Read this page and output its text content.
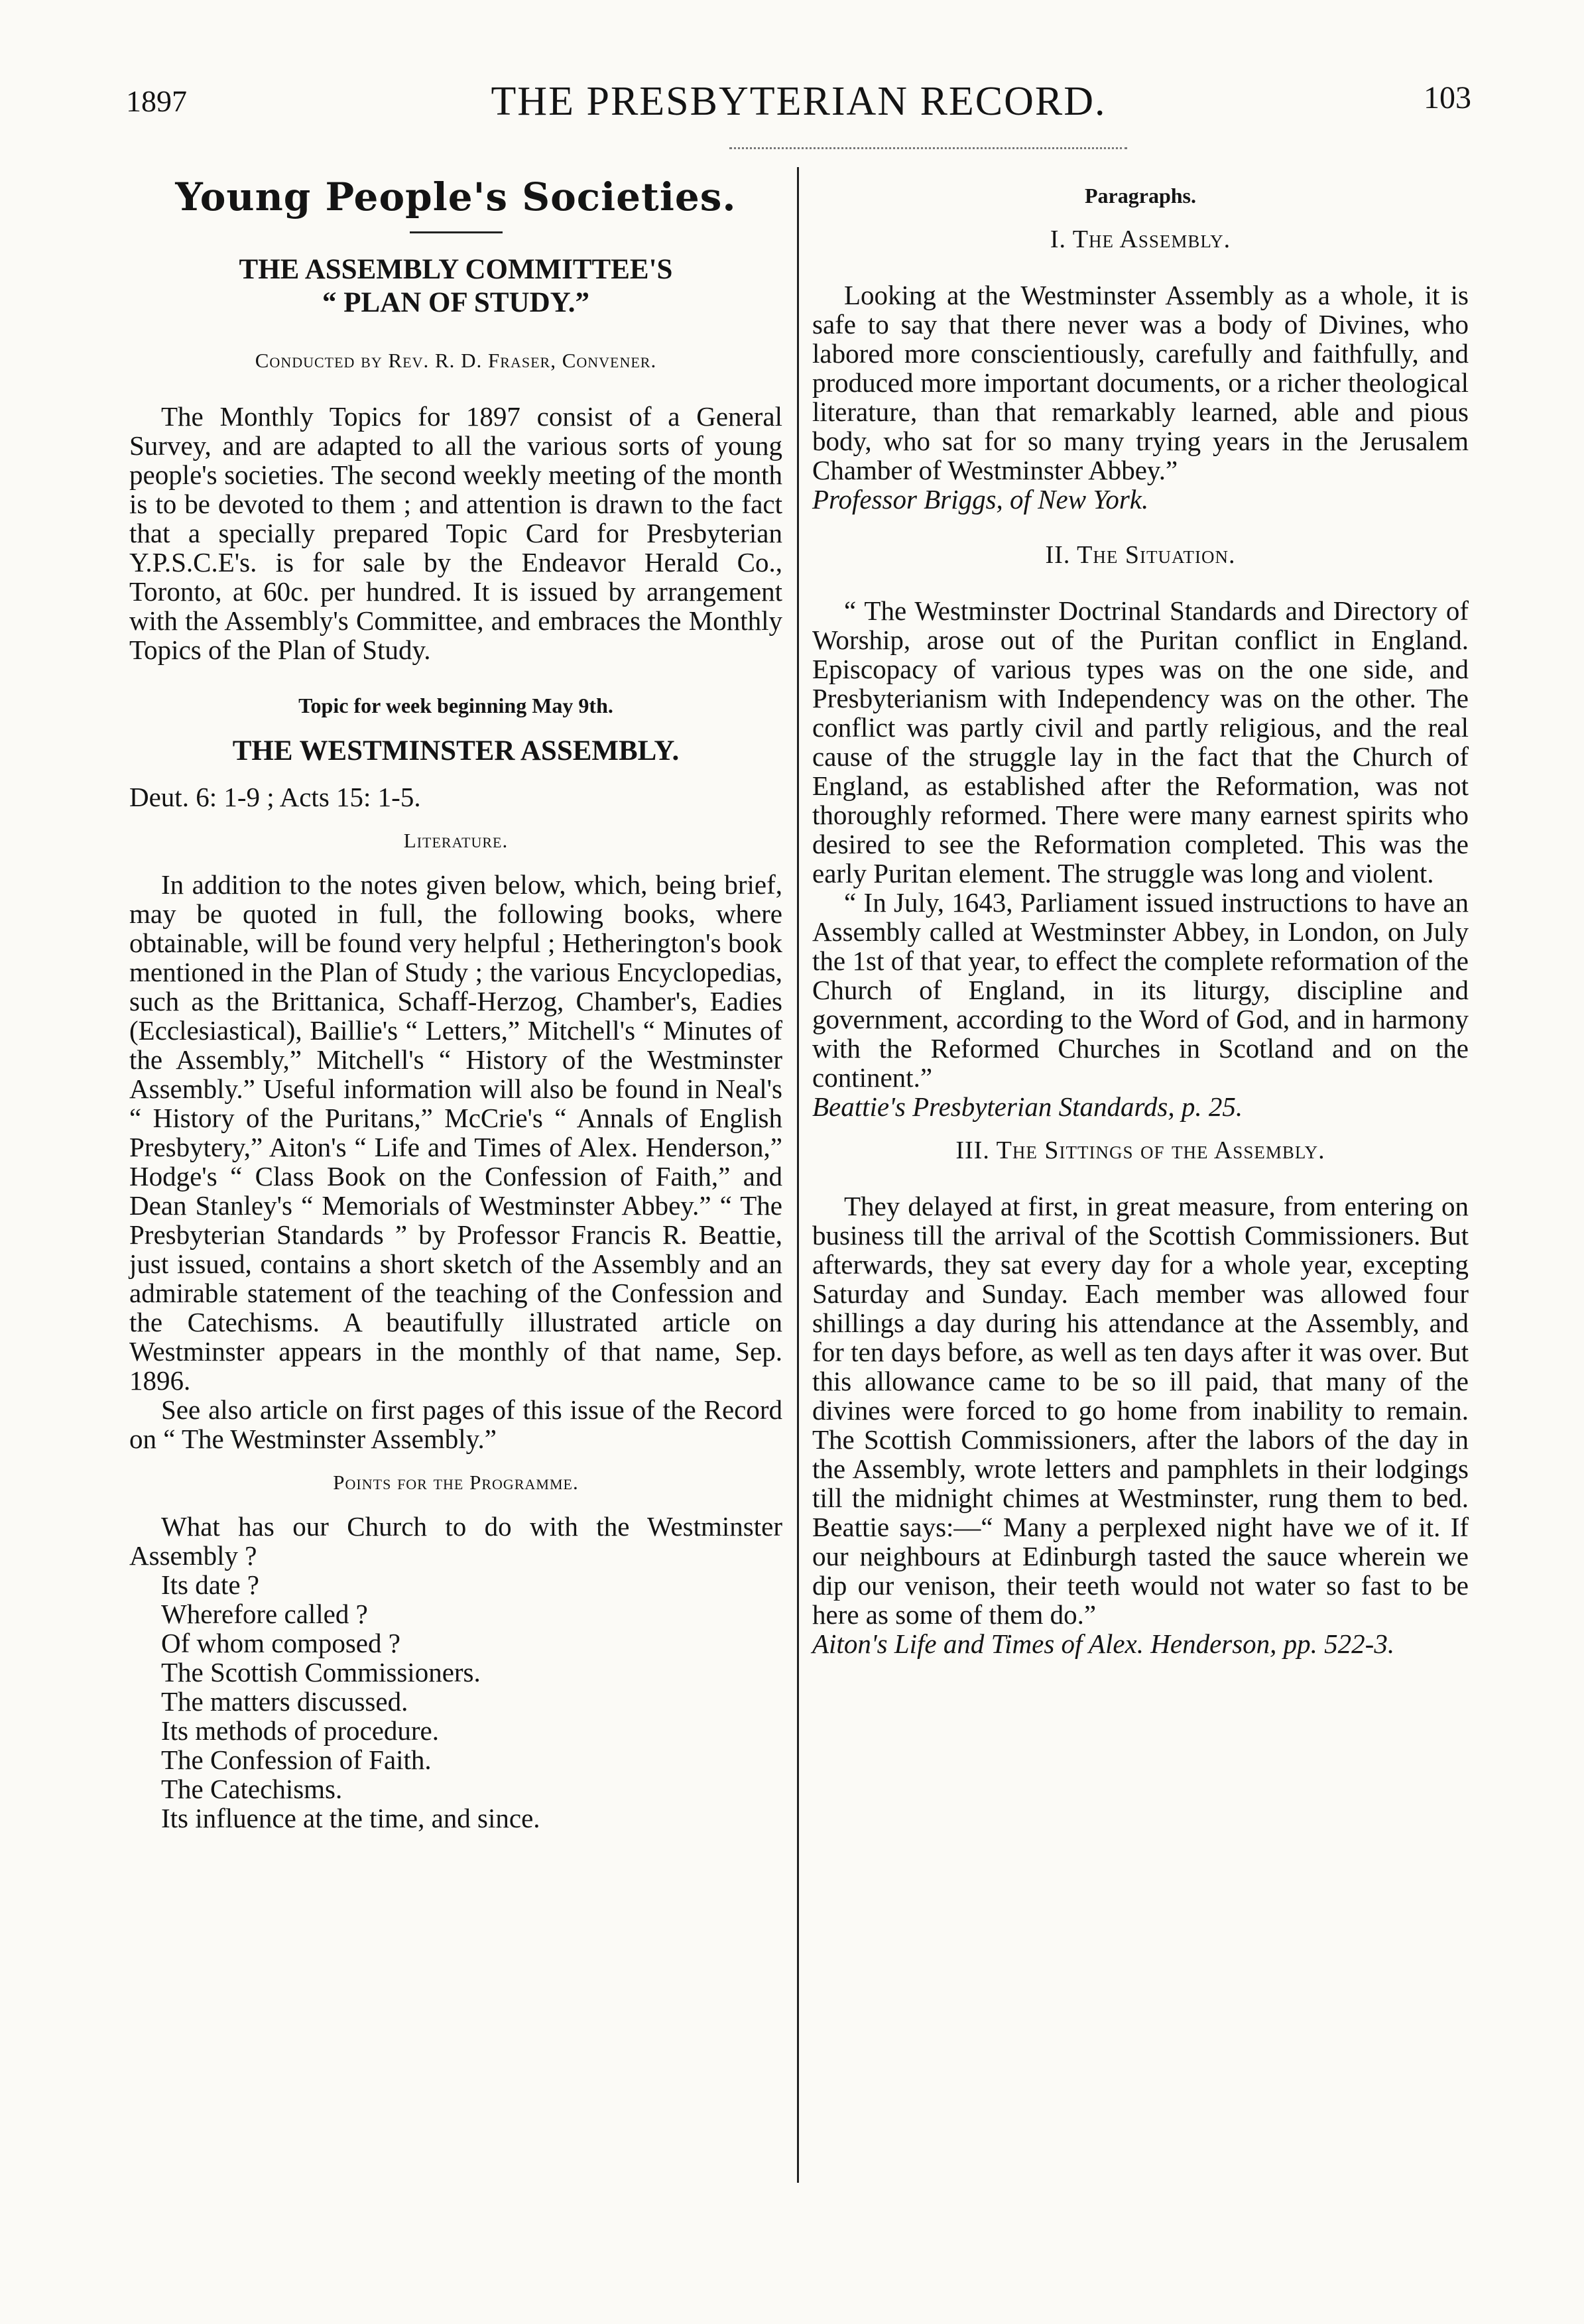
1897	THE PRESBYTERIAN RECORD.	103
Young People's Societies.
THE ASSEMBLY COMMITTEE'S
“ PLAN OF STUDY.”
Conducted by Rev. R. D. Fraser, Convener.

The Monthly Topics for 1897 consist of a General Survey, and are adapted to all the various sorts of young people's societies. The second weekly meeting of the month is to be devoted to them ; and attention is drawn to the fact that a specially prepared Topic Card for Presbyterian Y.P.S.C.E's. is for sale by the Endeavor Herald Co., Toronto, at 60c. per hundred. It is issued by arrangement with the Assembly's Committee, and embraces the Monthly Topics of the Plan of Study.

Topic for week beginning May 9th.
THE WESTMINSTER ASSEMBLY.

Deut. 6: 1-9 ; Acts 15: 1-5.

Literature.

In addition to the notes given below, which, being brief, may be quoted in full, the following books, where obtainable, will be found very helpful ; Hetherington's book mentioned in the Plan of Study ; the various Encyclopedias, such as the Brittanica, Schaff-Herzog, Chamber's, Eadies (Ecclesiastical), Baillie's “ Letters,” Mitchell's “ Minutes of the Assembly,” Mitchell's “ History of the Westminster Assembly.” Useful information will also be found in Neal's “ History of the Puritans,” McCrie's “ Annals of English Presbytery,” Aiton's “ Life and Times of Alex. Henderson,” Hodge's “ Class Book on the Confession of Faith,” and Dean Stanley's “ Memorials of Westminster Abbey.” “ The Presbyterian Standards ” by Professor Francis R. Beattie, just issued, contains a short sketch of the Assembly and an admirable statement of the teaching of the Confession and the Catechisms. A beautifully illustrated article on Westminster appears in the monthly of that name, Sep. 1896.

See also article on first pages of this issue of the Record on “ The Westminster Assembly.”

Points for the Programme.

What has our Church to do with the Westminster Assembly ?

Its date ?
Wherefore called ?
Of whom composed ?
The Scottish Commissioners.
The matters discussed.
Its methods of procedure.
The Confession of Faith.
The Catechisms.
Its influence at the time, and since.
Paragraphs.
I. The Assembly.

Looking at the Westminster Assembly as a whole, it is safe to say that there never was a body of Divines, who labored more conscientiously, carefully and faithfully, and produced more important documents, or a richer theological literature, than that remarkably learned, able and pious body, who sat for so many trying years in the Jerusalem Chamber of Westminster Abbey.”

Professor Briggs, of New York.

II. The Situation.

“ The Westminster Doctrinal Standards and Directory of Worship, arose out of the Puritan conflict in England. Episcopacy of various types was on the one side, and Presbyterianism with Independency was on the other. The conflict was partly civil and partly religious, and the real cause of the struggle lay in the fact that the Church of England, as established after the Reformation, was not thoroughly reformed. There were many earnest spirits who desired to see the Reformation completed. This was the early Puritan element. The struggle was long and violent.

“ In July, 1643, Parliament issued instructions to have an Assembly called at Westminster Abbey, in London, on July the 1st of that year, to effect the complete reformation of the Church of England, in its liturgy, discipline and government, according to the Word of God, and in harmony with the Reformed Churches in Scotland and on the continent.”

Beattie's Presbyterian Standards, p. 25.

III. The Sittings of the Assembly.

They delayed at first, in great measure, from entering on business till the arrival of the Scottish Commissioners. But afterwards, they sat every day for a whole year, excepting Saturday and Sunday. Each member was allowed four shillings a day during his attendance at the Assembly, and for ten days before, as well as ten days after it was over. But this allowance came to be so ill paid, that many of the divines were forced to go home from inability to remain. The Scottish Commissioners, after the labors of the day in the Assembly, wrote letters and pamphlets in their lodgings till the midnight chimes at Westminster, rung them to bed. Beattie says:—“ Many a perplexed night have we of it. If our neighbours at Edinburgh tasted the sauce wherein we dip our venison, their teeth would not water so fast to be here as some of them do.”

Aiton's Life and Times of Alex. Henderson, pp. 522-3.
